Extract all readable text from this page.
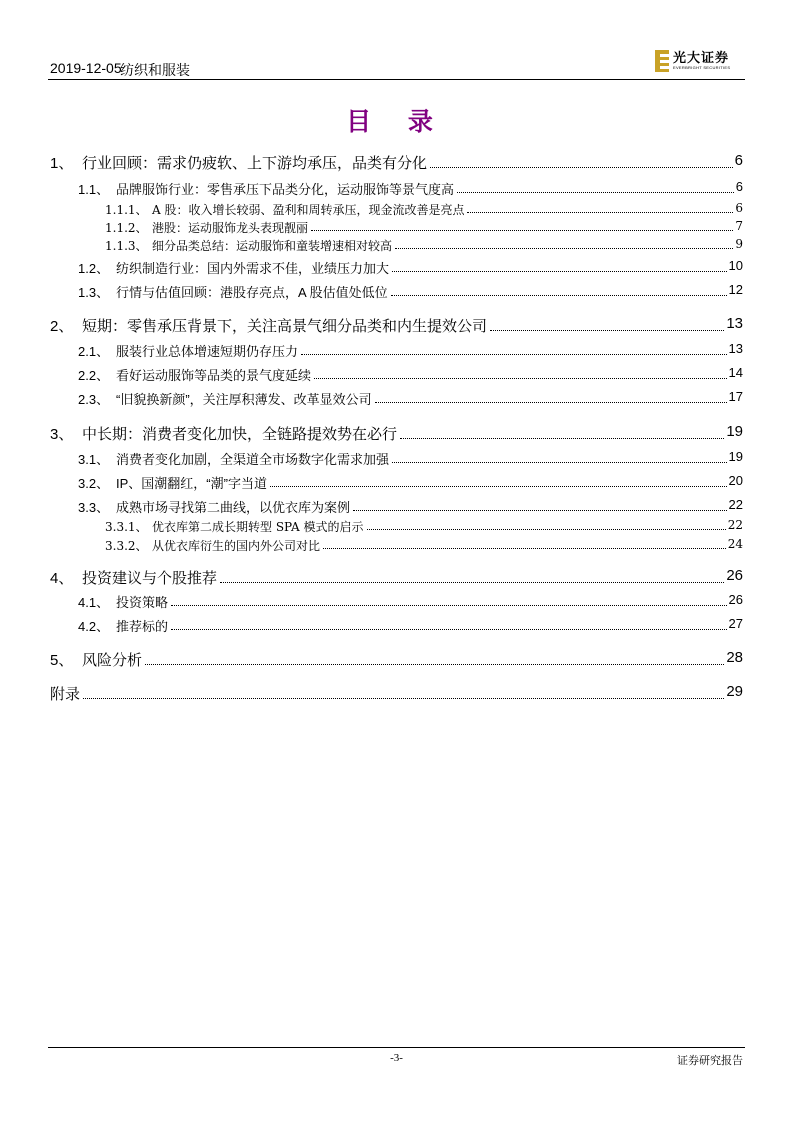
2019-12-05
纺织和服装
光大证券
EVERBRIGHT SECURITIES
目 录
1、 行业回顾：需求仍疲软、上下游均承压，品类有分化	6
1.1、 品牌服饰行业：零售承压下品类分化，运动服饰等景气度高	6
1.1.1、 A 股：收入增长较弱、盈利和周转承压，现金流改善是亮点	6
1.1.2、 港股：运动服饰龙头表现靓丽	7
1.1.3、 细分品类总结：运动服饰和童装增速相对较高	9
1.2、 纺织制造行业：国内外需求不佳，业绩压力加大	10
1.3、 行情与估值回顾：港股存亮点，A 股估值处低位	12
2、 短期：零售承压背景下，关注高景气细分品类和内生提效公司	13
2.1、 服装行业总体增速短期仍存压力	13
2.2、 看好运动服饰等品类的景气度延续	14
2.3、 “旧貌换新颜”，关注厚积薄发、改革显效公司	17
3、 中长期：消费者变化加快，全链路提效势在必行	19
3.1、 消费者变化加剧，全渠道全市场数字化需求加强	19
3.2、 IP、国潮翻红，“潮”字当道	20
3.3、 成熟市场寻找第二曲线，以优衣库为案例	22
3.3.1、 优衣库第二成长期转型 SPA 模式的启示	22
3.3.2、 从优衣库衍生的国内外公司对比	24
4、 投资建议与个股推荐	26
4.1、 投资策略	26
4.2、 推荐标的	27
5、 风险分析	28
附录	29
-3-	证券研究报告
